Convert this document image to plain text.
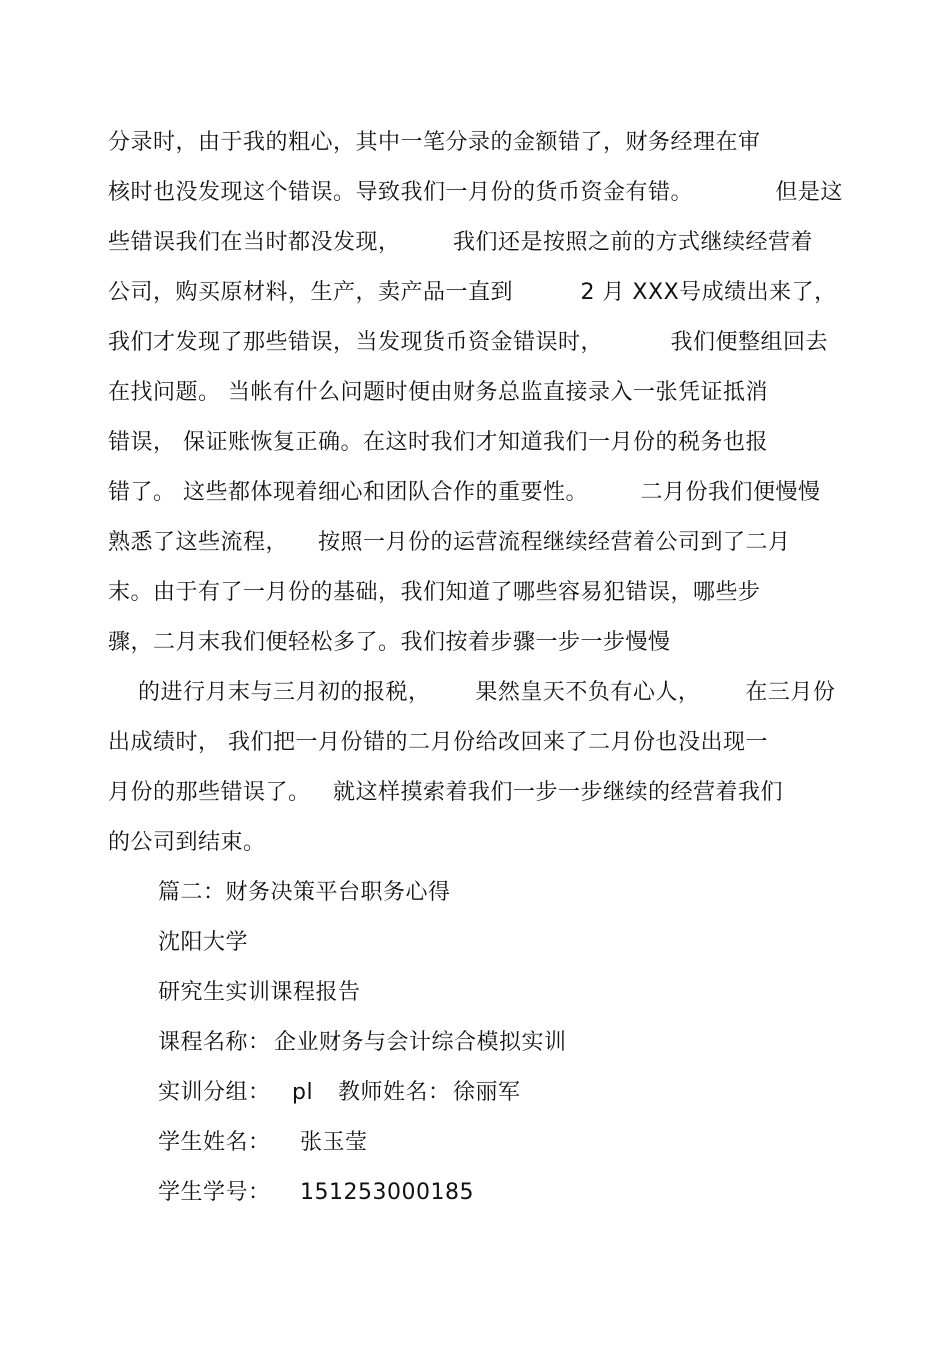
分录时，由于我的粗心，其中一笔分录的金额错了，财务经理在审
核时也没发现这个错误。导致我们一月份的货币资金有错。           但是这
些错误我们在当时都没发现，       我们还是按照之前的方式继续经营着
公司，购买原材料，生产，卖产品一直到         2 月 XXX号成绩出来了，
我们才发现了那些错误，当发现货币资金错误时，         我们便整组回去
在找问题。 当帐有什么问题时便由财务总监直接录入一张凭证抵消
错误， 保证账恢复正确。在这时我们才知道我们一月份的税务也报
错了。 这些都体现着细心和团队合作的重要性。       二月份我们便慢慢
熟悉了这些流程，    按照一月份的运营流程继续经营着公司到了二月
末。由于有了一月份的基础，我们知道了哪些容易犯错误，哪些步
骤，二月末我们便轻松多了。我们按着步骤一步一步慢慢
的进行月末与三月初的报税，      果然皇天不负有心人，      在三月份
出成绩时， 我们把一月份错的二月份给改回来了二月份也没出现一
月份的那些错误了。   就这样摸索着我们一步一步继续的经营着我们
的公司到结束。
篇二：财务决策平台职务心得
沈阳大学
研究生实训课程报告
课程名称： 企业财务与会计综合模拟实训
实训分组： pl 教师姓名： 徐丽军
学生姓名： 张玉莹
学生学号： 151253000185
